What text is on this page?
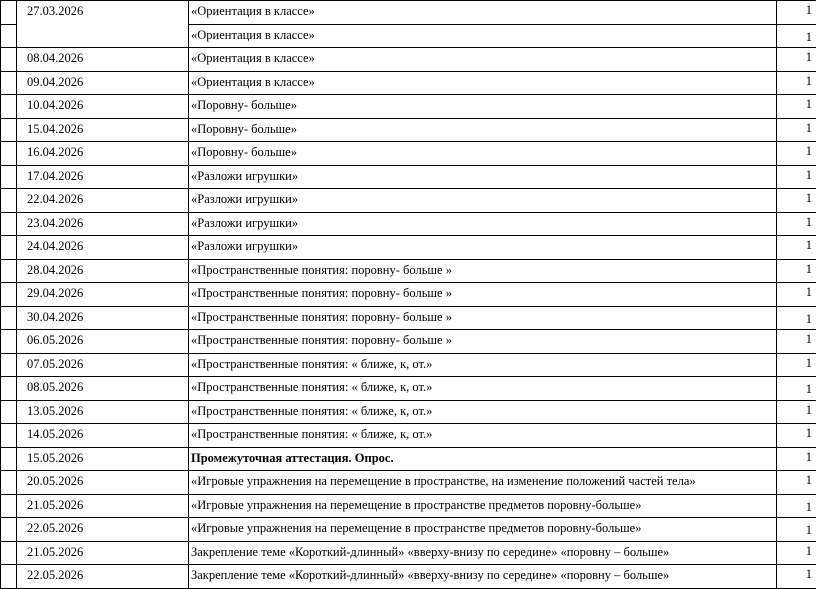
	27.03.2026	«Ориентация в классе»	1
		«Ориентация в классе»	1
	08.04.2026	«Ориентация в классе»	1
	09.04.2026	«Ориентация в классе»	1
	10.04.2026	«Поровну- больше»	1
	15.04.2026	«Поровну- больше»	1
	16.04.2026	«Поровну- больше»	1
	17.04.2026	«Разложи игрушки»	1
	22.04.2026	«Разложи игрушки»	1
	23.04.2026	«Разложи игрушки»	1
	24.04.2026	«Разложи игрушки»	1
	28.04.2026	«Пространственные понятия: поровну- больше »	1
	29.04.2026	«Пространственные понятия: поровну- больше »	1
	30.04.2026	«Пространственные понятия: поровну- больше »	1
	06.05.2026	«Пространственные понятия: поровну- больше »	1
	07.05.2026	«Пространственные понятия: « ближе, к, от.»	1
	08.05.2026	«Пространственные понятия: « ближе, к, от.»	1
	13.05.2026	«Пространственные понятия: « ближе, к, от.»	1
	14.05.2026	«Пространственные понятия: « ближе, к, от.»	1
	15.05.2026	Промежуточная аттестация. Опрос.	1
	20.05.2026	«Игровые упражнения на перемещение в пространстве, на изменение положений частей тела»	1
	21.05.2026	«Игровые упражнения на перемещение в пространстве предметов поровну-больше»	1
	22.05.2026	«Игровые упражнения на перемещение в пространстве предметов поровну-больше»	1
	21.05.2026	Закрепление теме «Короткий-длинный» «вверху-внизу по середине» «поровну – больше»	1
	22.05.2026	Закрепление теме «Короткий-длинный» «вверху-внизу по середине» «поровну – больше»	1
